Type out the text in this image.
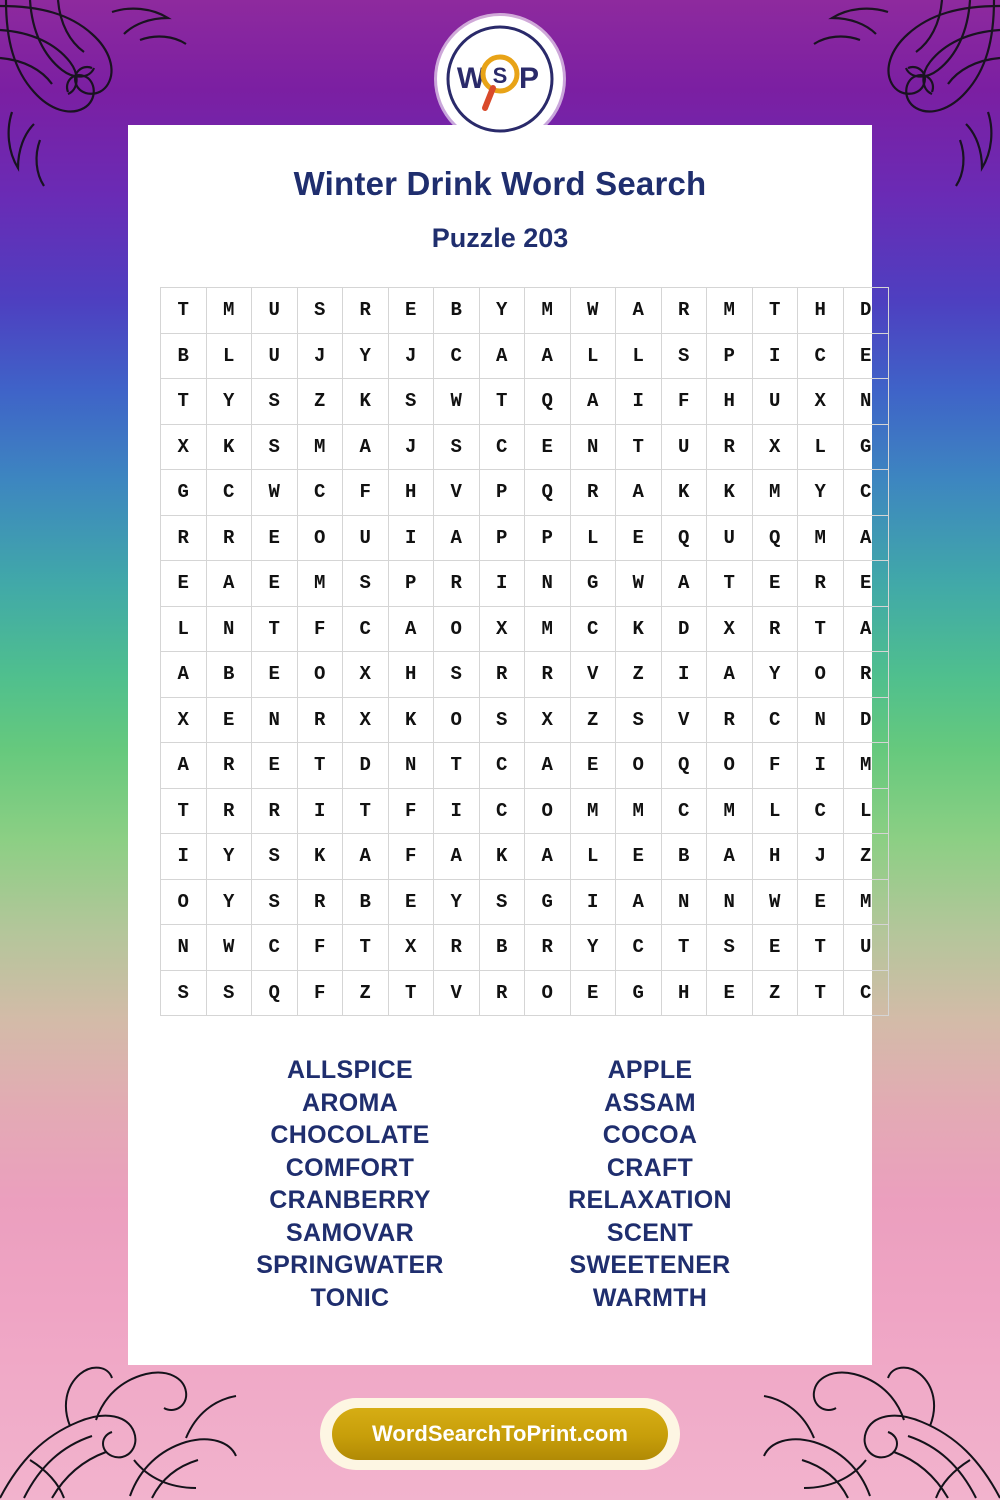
W P
S
Winter Drink Word Search
Puzzle 203
T	M	U	S	R	E	B	Y	M	W	A	R	M	T	H	D
B	L	U	J	Y	J	C	A	A	L	L	S	P	I	C	E
T	Y	S	Z	K	S	W	T	Q	A	I	F	H	U	X	N
X	K	S	M	A	J	S	C	E	N	T	U	R	X	L	G
G	C	W	C	F	H	V	P	Q	R	A	K	K	M	Y	C
R	R	E	O	U	I	A	P	P	L	E	Q	U	Q	M	A
E	A	E	M	S	P	R	I	N	G	W	A	T	E	R	E
L	N	T	F	C	A	O	X	M	C	K	D	X	R	T	A
A	B	E	O	X	H	S	R	R	V	Z	I	A	Y	O	R
X	E	N	R	X	K	O	S	X	Z	S	V	R	C	N	D
A	R	E	T	D	N	T	C	A	E	O	Q	O	F	I	M
T	R	R	I	T	F	I	C	O	M	M	C	M	L	C	L
I	Y	S	K	A	F	A	K	A	L	E	B	A	H	J	Z
O	Y	S	R	B	E	Y	S	G	I	A	N	N	W	E	M
N	W	C	F	T	X	R	B	R	Y	C	T	S	E	T	U
S	S	Q	F	Z	T	V	R	O	E	G	H	E	Z	T	C
ALLSPICE
AROMA
CHOCOLATE
COMFORT
CRANBERRY
SAMOVAR
SPRINGWATER
TONIC
APPLE
ASSAM
COCOA
CRAFT
RELAXATION
SCENT
SWEETENER
WARMTH
WordSearchToPrint.com
